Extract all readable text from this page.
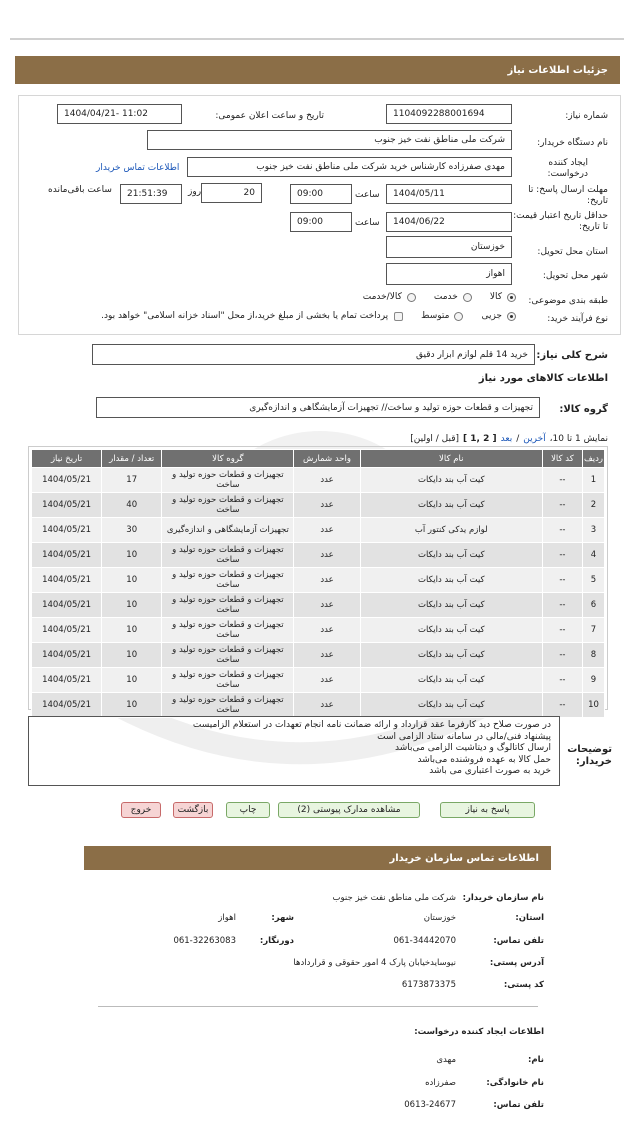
جزئیات اطلاعات نیاز
شماره نیاز:
1104092288001694
تاریخ و ساعت اعلان عمومی:
1404/04/21- 11:02
نام دستگاه خریدار:
شرکت ملی مناطق نفت خیز جنوب
ایجاد کننده درخواست:
مهدی صفرزاده کارشناس خرید شرکت ملی مناطق نفت خیز جنوب
اطلاعات تماس خریدار
مهلت ارسال پاسخ: تا تاریخ:
1404/05/11
ساعت
09:00
روز	20
21:51:39
ساعت باقی‌مانده
حداقل تاریخ اعتبار قیمت: تا تاریخ:
1404/06/22
ساعت
09:00
استان محل تحویل:
خوزستان
شهر محل تحویل:
اهواز
طبقه بندی موضوعی:
کالا
خدمت
کالا/خدمت
نوع فرآیند خرید:
جزیی
متوسط
پرداخت تمام یا بخشی از مبلغ خرید،از محل "اسناد خزانه اسلامی" خواهد بود.
شرح کلی نیاز:
خرید 14 قلم لوازم ابزار دقیق
اطلاعات کالاهای مورد نیاز
گروه کالا:
تجهیزات و قطعات حوزه تولید و ساخت// تجهیزات آزمایشگاهی و اندازه‌گیری
نمایش 1 تا 10،
آخرین
/
بعد
[ 2 ,1 ]
[قبل / اولین]
ردیف	کد کالا	نام کالا	واحد شمارش	گروه کالا	تعداد / مقدار	تاریخ نیاز
1	--	کیت آب بند دایکات	عدد	تجهیزات و قطعات حوزه تولید و ساخت	17	1404/05/21
2	--	کیت آب بند دایکات	عدد	تجهیزات و قطعات حوزه تولید و ساخت	40	1404/05/21
3	--	لوازم یدکی کنتور آب	عدد	تجهیزات آزمایشگاهی و اندازه‌گیری	30	1404/05/21
4	--	کیت آب بند دایکات	عدد	تجهیزات و قطعات حوزه تولید و ساخت	10	1404/05/21
5	--	کیت آب بند دایکات	عدد	تجهیزات و قطعات حوزه تولید و ساخت	10	1404/05/21
6	--	کیت آب بند دایکات	عدد	تجهیزات و قطعات حوزه تولید و ساخت	10	1404/05/21
7	--	کیت آب بند دایکات	عدد	تجهیزات و قطعات حوزه تولید و ساخت	10	1404/05/21
8	--	کیت آب بند دایکات	عدد	تجهیزات و قطعات حوزه تولید و ساخت	10	1404/05/21
9	--	کیت آب بند دایکات	عدد	تجهیزات و قطعات حوزه تولید و ساخت	10	1404/05/21
10	--	کیت آب بند دایکات	عدد	تجهیزات و قطعات حوزه تولید و ساخت	10	1404/05/21
توضیحات خریدار:
در صورت صلاح دید کارفرما عقد قرارداد و ارائه ضمانت نامه انجام تعهدات در استعلام الزامیست
پیشنهاد فنی/مالی در سامانه ستاد الزامی است
ارسال کاتالوگ و دیتاشیت الزامی می‌باشد
حمل کالا به عهده فروشنده می‌باشد
خرید به صورت اعتباری می باشد
پاسخ به نیاز
مشاهده مدارک پیوستی (2)
چاپ
بازگشت
خروج
اطلاعات تماس سازمان خریدار
نام سازمان خریدار:
شرکت ملی مناطق نفت خیز جنوب
استان:
خوزستان
شهر:
اهواز
تلفن تماس:
061-34442070
دورنگار:
061-32263083
آدرس پستی:
نیوسایدخیابان پارک 4 امور حقوقی و قراردادها
کد پستی:
6173873375
اطلاعات ایجاد کننده درخواست:
نام:
مهدی
نام خانوادگی:
صفرزاده
تلفن تماس:
0613-24677
